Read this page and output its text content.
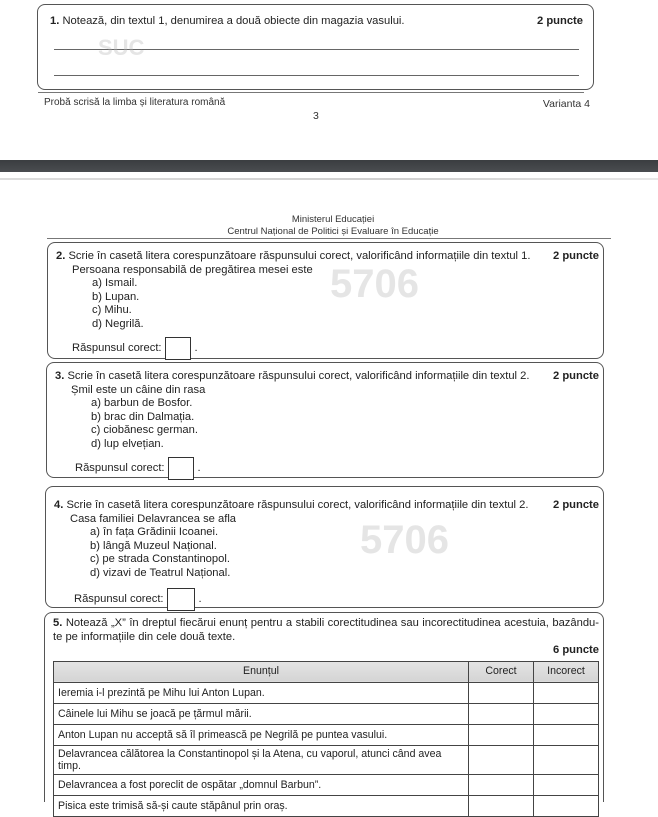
1. Notează, din textul 1, denumirea a două obiecte din magazia vasului.	2 puncte
SUC
Probă scrisă la limba și literatura română	Varianta 4
3
5706
5706
Ministerul Educației
Centrul Național de Politici și Evaluare în Educație
2. Scrie în casetă litera corespunzătoare răspunsului corect, valorificând informațiile din textul 1. 2 puncte
Persoana responsabilă de pregătirea mesei este
a) Ismail.
b) Lupan.
c) Mihu.
d) Negrilă.
Răspunsul corect:	.
3. Scrie în casetă litera corespunzătoare răspunsului corect, valorificând informațiile din textul 2. 2 puncte
Șmil este un câine din rasa
a) barbun de Bosfor.
b) brac din Dalmația.
c) ciobănesc german.
d) lup elvețian.
Răspunsul corect:	.
4. Scrie în casetă litera corespunzătoare răspunsului corect, valorificând informațiile din textul 2. 2 puncte
Casa familiei Delavrancea se afla
a) în fața Grădinii Icoanei.
b) lângă Muzeul Național.
c) pe strada Constantinopol.
d) vizavi de Teatrul Național.
Răspunsul corect:	.
5. Notează „X” în dreptul fiecărui enunț pentru a stabili corectitudinea sau incorectitudinea acestuia, bazându-te pe informațiile din cele două texte.
6 puncte
Enunțul	Corect	Incorect
Ieremia i-l prezintă pe Mihu lui Anton Lupan.		
Câinele lui Mihu se joacă pe țărmul mării.		
Anton Lupan nu acceptă să îl primească pe Negrilă pe puntea vasului.		
Delavrancea călătorea la Constantinopol și la Atena, cu vaporul, atunci când avea timp.		
Delavrancea a fost poreclit de ospătar „domnul Barbun”.		
Pisica este trimisă să-și caute stăpânul prin oraș.		
